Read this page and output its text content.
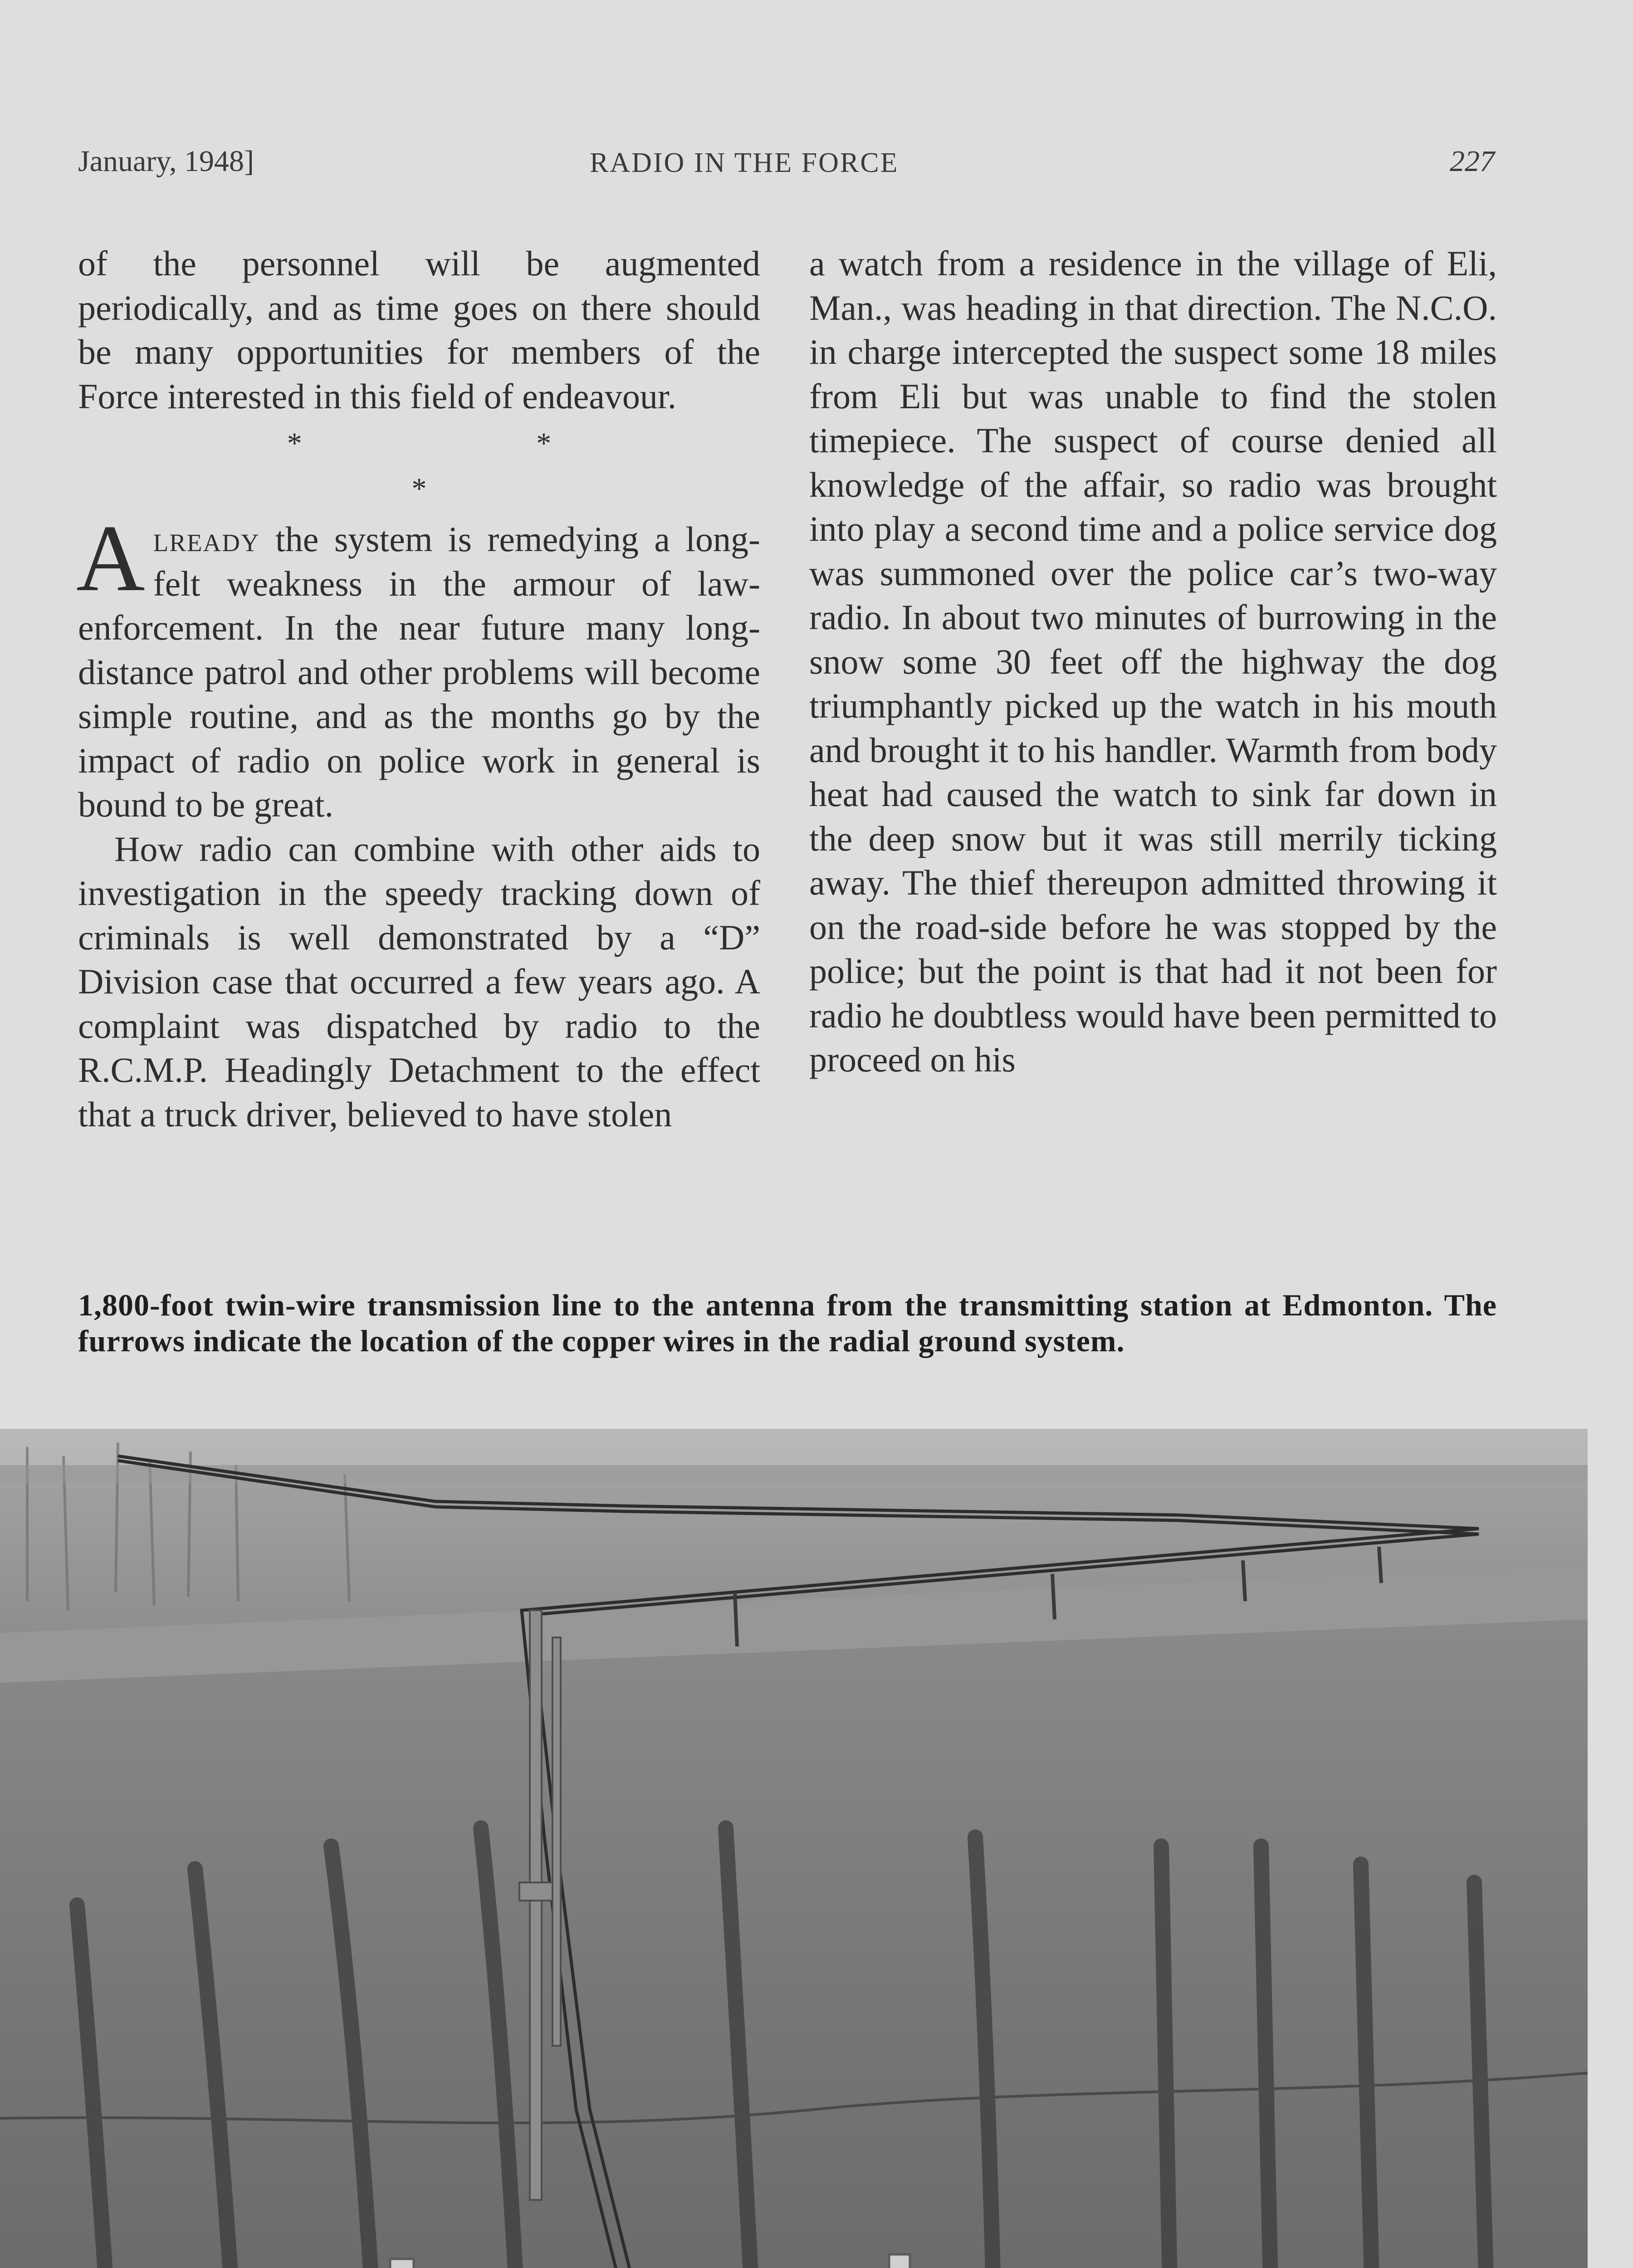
January, 1948]	RADIO IN THE FORCE	227

of the personnel will be augmented periodically, and as time goes on there should be many opportunities for members of the Force interested in this field of endeavour.

* * *

Already the system is remedying a long-felt weakness in the armour of law-enforcement. In the near future many long-distance patrol and other problems will become simple routine, and as the months go by the impact of radio on police work in general is bound to be great.

How radio can combine with other aids to investigation in the speedy tracking down of criminals is well demonstrated by a “D” Division case that occurred a few years ago. A complaint was dispatched by radio to the R.C.M.P. Headingly Detachment to the effect that a truck driver, believed to have stolen

a watch from a residence in the village of Eli, Man., was heading in that direction. The N.C.O. in charge intercepted the suspect some 18 miles from Eli but was unable to find the stolen timepiece. The suspect of course denied all knowledge of the affair, so radio was brought into play a second time and a police service dog was summoned over the police car’s two-way radio. In about two minutes of burrowing in the snow some 30 feet off the highway the dog triumphantly picked up the watch in his mouth and brought it to his handler. Warmth from body heat had caused the watch to sink far down in the deep snow but it was still merrily ticking away. The thief thereupon admitted throwing it on the road-side before he was stopped by the police; but the point is that had it not been for radio he doubtless would have been permitted to proceed on his

1,800-foot twin-wire transmission line to the antenna from the transmitting station at Edmonton. The furrows indicate the location of the copper wires in the radial ground system.
